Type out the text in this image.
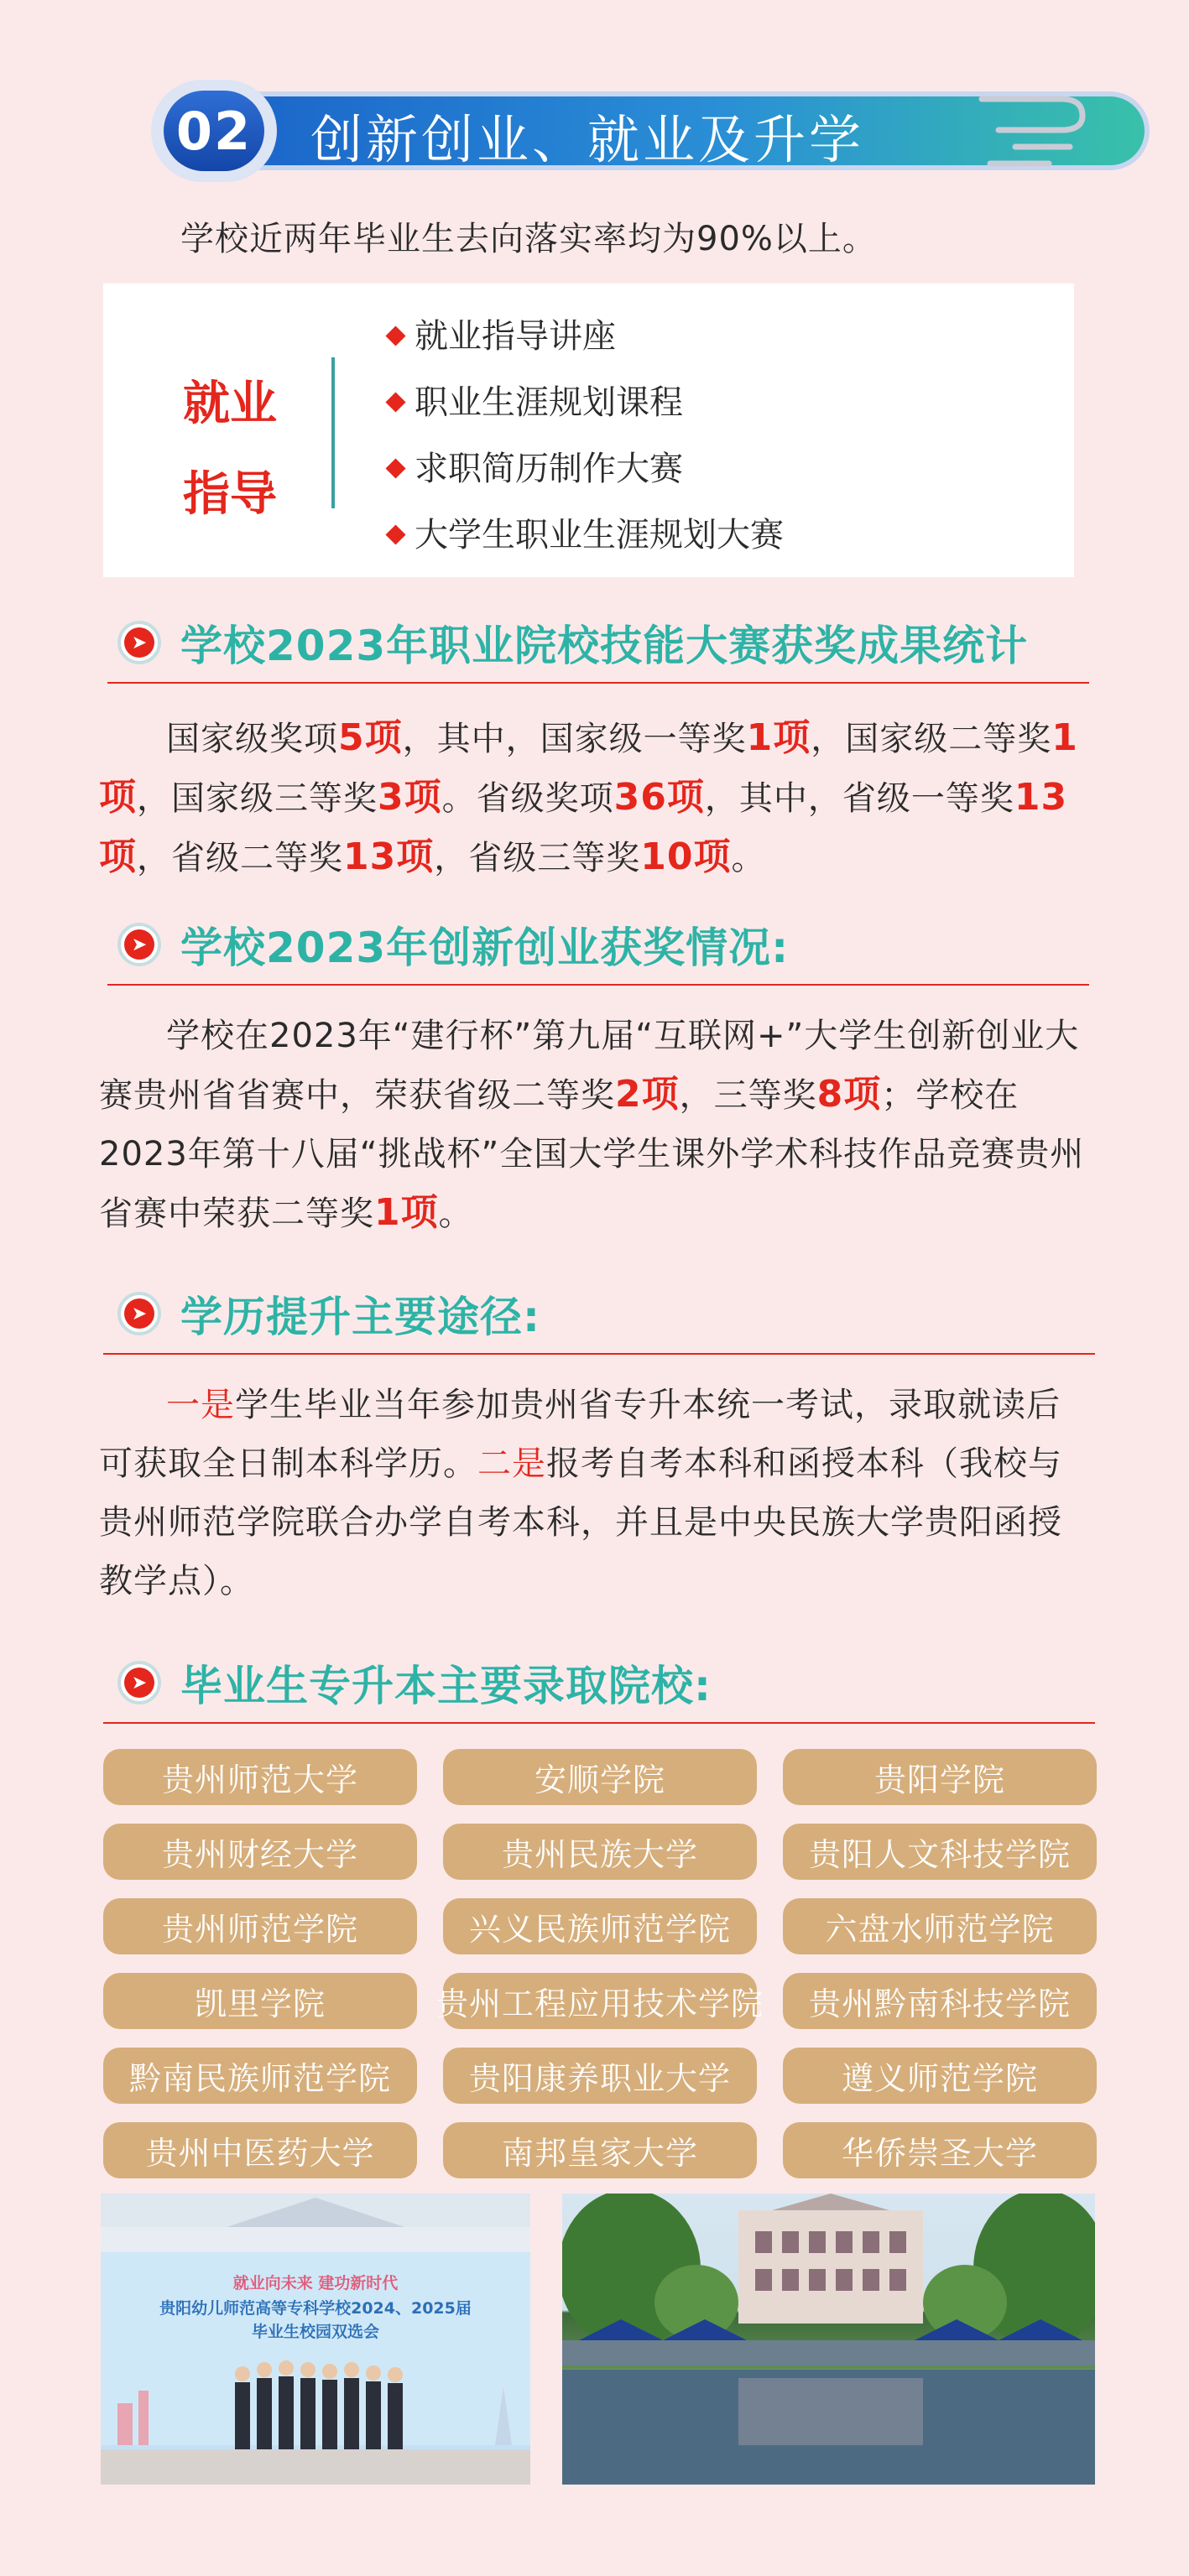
02 创新创业、就业及升学
学校近两年毕业生去向落实率均为90%以上。
就业
指导
就业指导讲座
职业生涯规划课程
求职简历制作大赛
大学生职业生涯规划大赛
➤ 学校2023年职业院校技能大赛获奖成果统计
国家级奖项5项，其中，国家级一等奖1项，国家级二等奖1项，国家级三等奖3项。省级奖项36项，其中，省级一等奖13项，省级二等奖13项，省级三等奖10项。
➤ 学校2023年创新创业获奖情况:
学校在2023年“建行杯”第九届“互联网+”大学生创新创业大赛贵州省省赛中，荣获省级二等奖2项，三等奖8项；学校在2023年第十八届“挑战杯”全国大学生课外学术科技作品竞赛贵州省赛中荣获二等奖1项。
➤ 学历提升主要途径:
一是学生毕业当年参加贵州省专升本统一考试，录取就读后可获取全日制本科学历。二是报考自考本科和函授本科（我校与贵州师范学院联合办学自考本科，并且是中央民族大学贵阳函授教学点）。
➤ 毕业生专升本主要录取院校:
贵州师范大学	安顺学院	贵阳学院
贵州财经大学	贵州民族大学	贵阳人文科技学院
贵州师范学院	兴义民族师范学院	六盘水师范学院
凯里学院	贵州工程应用技术学院	贵州黔南科技学院
黔南民族师范学院	贵阳康养职业大学	遵义师范学院
贵州中医药大学	南邦皇家大学	华侨崇圣大学
就业向未来 建功新时代
贵阳幼儿师范高等专科学校2024、2025届
毕业生校园双选会
